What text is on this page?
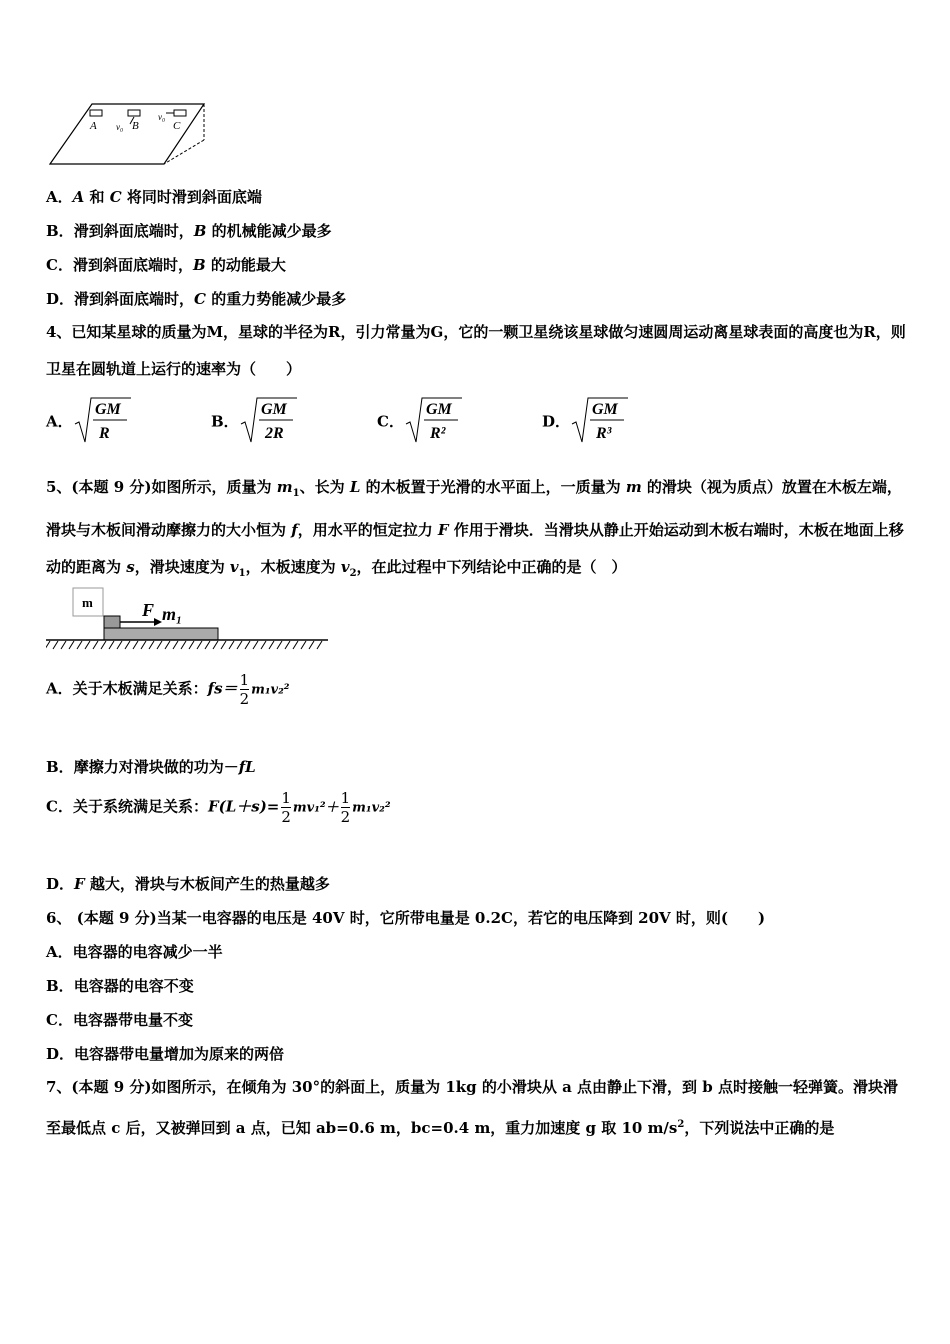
A	B	C
v₀
v₀
A．A 和 C 将同时滑到斜面底端
B．滑到斜面底端时，B 的机械能减少最多
C．滑到斜面底端时，B 的动能最大
D．滑到斜面底端时，C 的重力势能减少最多
4、已知某星球的质量为M，星球的半径为R，引力常量为G，它的一颗卫星绕该星球做匀速圆周运动离星球表面的高度也为R，则卫星在圆轨道上运行的速率为（　　）
A．
GM
R
B．
GM
2R
C．
GM
R²
D．
GM
R³
5、(本题 9 分)如图所示，质量为 $m_1$、长为 L 的木板置于光滑的水平面上，一质量为 m 的滑块（视为质点）放置在木板左端，滑块与木板间滑动摩擦力的大小恒为 f，用水平的恒定拉力 F 作用于滑块．当滑块从静止开始运动到木板右端时，木板在地面上移动的距离为 s，滑块速度为 $v_1$，木板速度为 $v_2$，在此过程中下列结论中正确的是（　）
m	F m₁
A．关于木板满足关系：$fs= \frac{1}{2} m_1v_2^2$
B．摩擦力对滑块做的功为－fL
C．关于系统满足关系：$F(L+s)= \frac{1}{2} mv_1^2+ \frac{1}{2} m_1v_2^2$
D．F 越大，滑块与木板间产生的热量越多
6、 (本题 9 分)当某一电容器的电压是 40V 时，它所带电量是 0.2C，若它的电压降到 20V 时，则(　　)
A．电容器的电容减少一半
B．电容器的电容不变
C．电容器带电量不变
D．电容器带电量增加为原来的两倍
7、(本题 9 分)如图所示，在倾角为 30°的斜面上，质量为 1kg 的小滑块从 a 点由静止下滑，到 b 点时接触一轻弹簧。滑块滑至最低点 c 后，又被弹回到 a 点，已知 ab=0.6 m，bc=0.4 m，重力加速度 g 取 10 $m/s^2$，下列说法中正确的是
